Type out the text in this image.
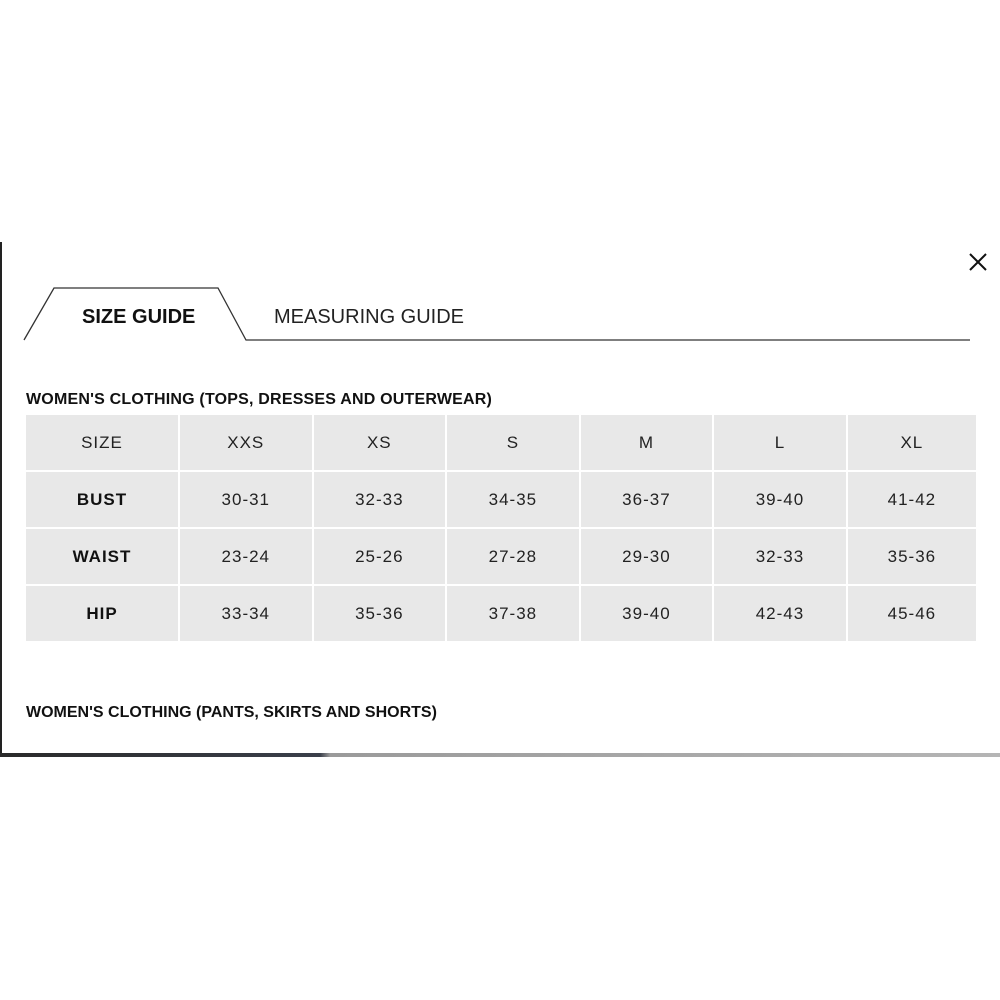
SIZE GUIDE	MEASURING GUIDE
WOMEN'S CLOTHING (TOPS, DRESSES AND OUTERWEAR)
SIZE	XXS	XS	S	M	L	XL
BUST	30-31	32-33	34-35	36-37	39-40	41-42
WAIST	23-24	25-26	27-28	29-30	32-33	35-36
HIP	33-34	35-36	37-38	39-40	42-43	45-46
WOMEN'S CLOTHING (PANTS, SKIRTS AND SHORTS)
